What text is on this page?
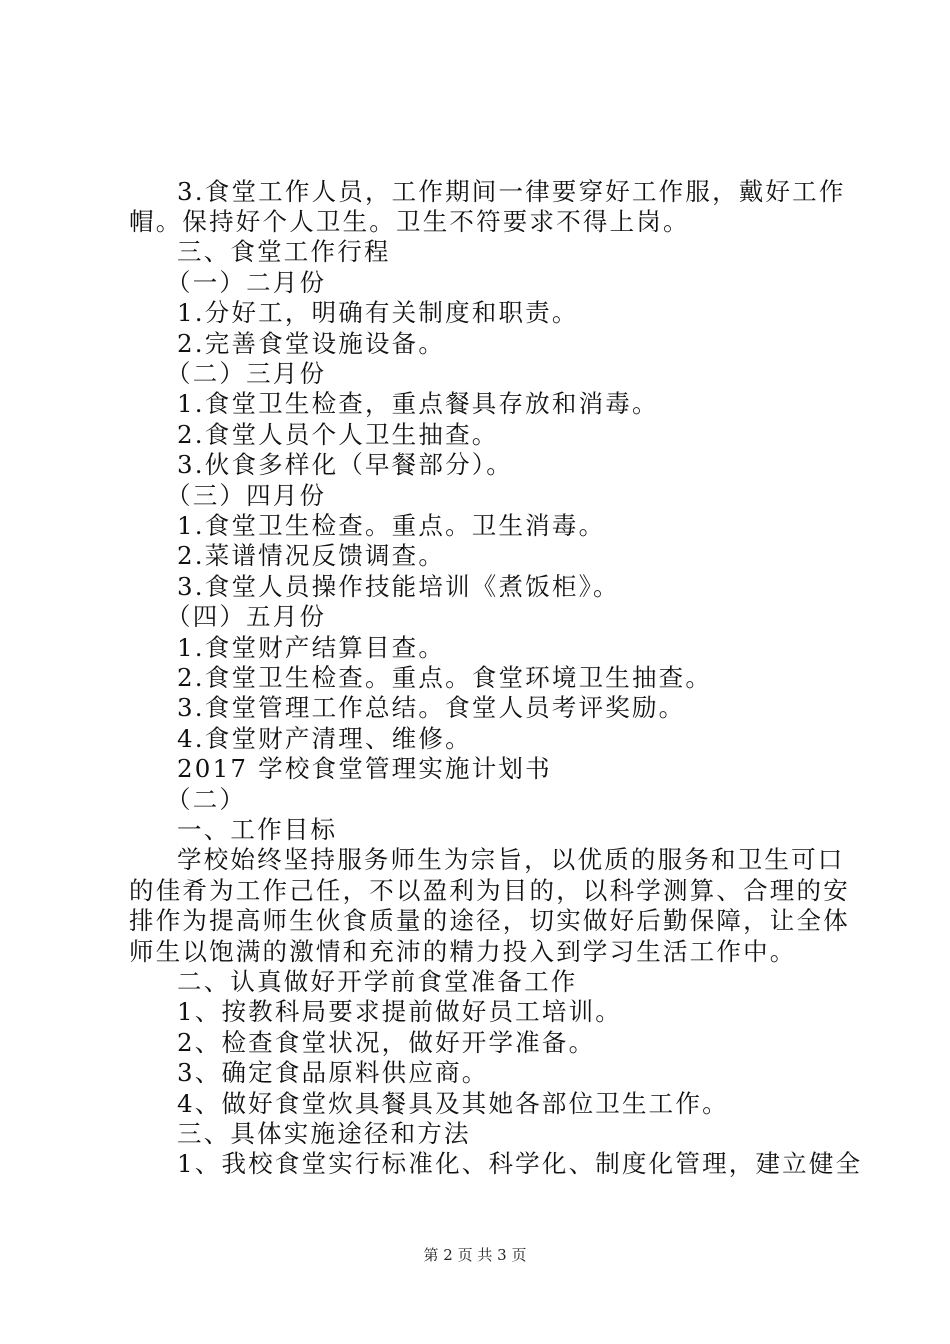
3.食堂工作人员，工作期间一律要穿好工作服，戴好工作
帽。保持好个人卫生。卫生不符要求不得上岗。
三、食堂工作行程
（一）二月份
1.分好工，明确有关制度和职责。
2.完善食堂设施设备。
（二）三月份
1.食堂卫生检查，重点餐具存放和消毒。
2.食堂人员个人卫生抽查。
3.伙食多样化（早餐部分）。
（三）四月份
1.食堂卫生检查。重点。卫生消毒。
2.菜谱情况反馈调查。
3.食堂人员操作技能培训《煮饭柜》。
（四）五月份
1.食堂财产结算目查。
2.食堂卫生检查。重点。食堂环境卫生抽查。
3.食堂管理工作总结。食堂人员考评奖励。
4.食堂财产清理、维修。
2017 学校食堂管理实施计划书
（二）
一、工作目标
学校始终坚持服务师生为宗旨，以优质的服务和卫生可口
的佳肴为工作己任，不以盈利为目的，以科学测算、合理的安
排作为提高师生伙食质量的途径，切实做好后勤保障，让全体
师生以饱满的激情和充沛的精力投入到学习生活工作中。
二、认真做好开学前食堂准备工作
1、按教科局要求提前做好员工培训。
2、检查食堂状况，做好开学准备。
3、确定食品原料供应商。
4、做好食堂炊具餐具及其她各部位卫生工作。
三、具体实施途径和方法
1、我校食堂实行标准化、科学化、制度化管理，建立健全
第 2 页 共 3 页
